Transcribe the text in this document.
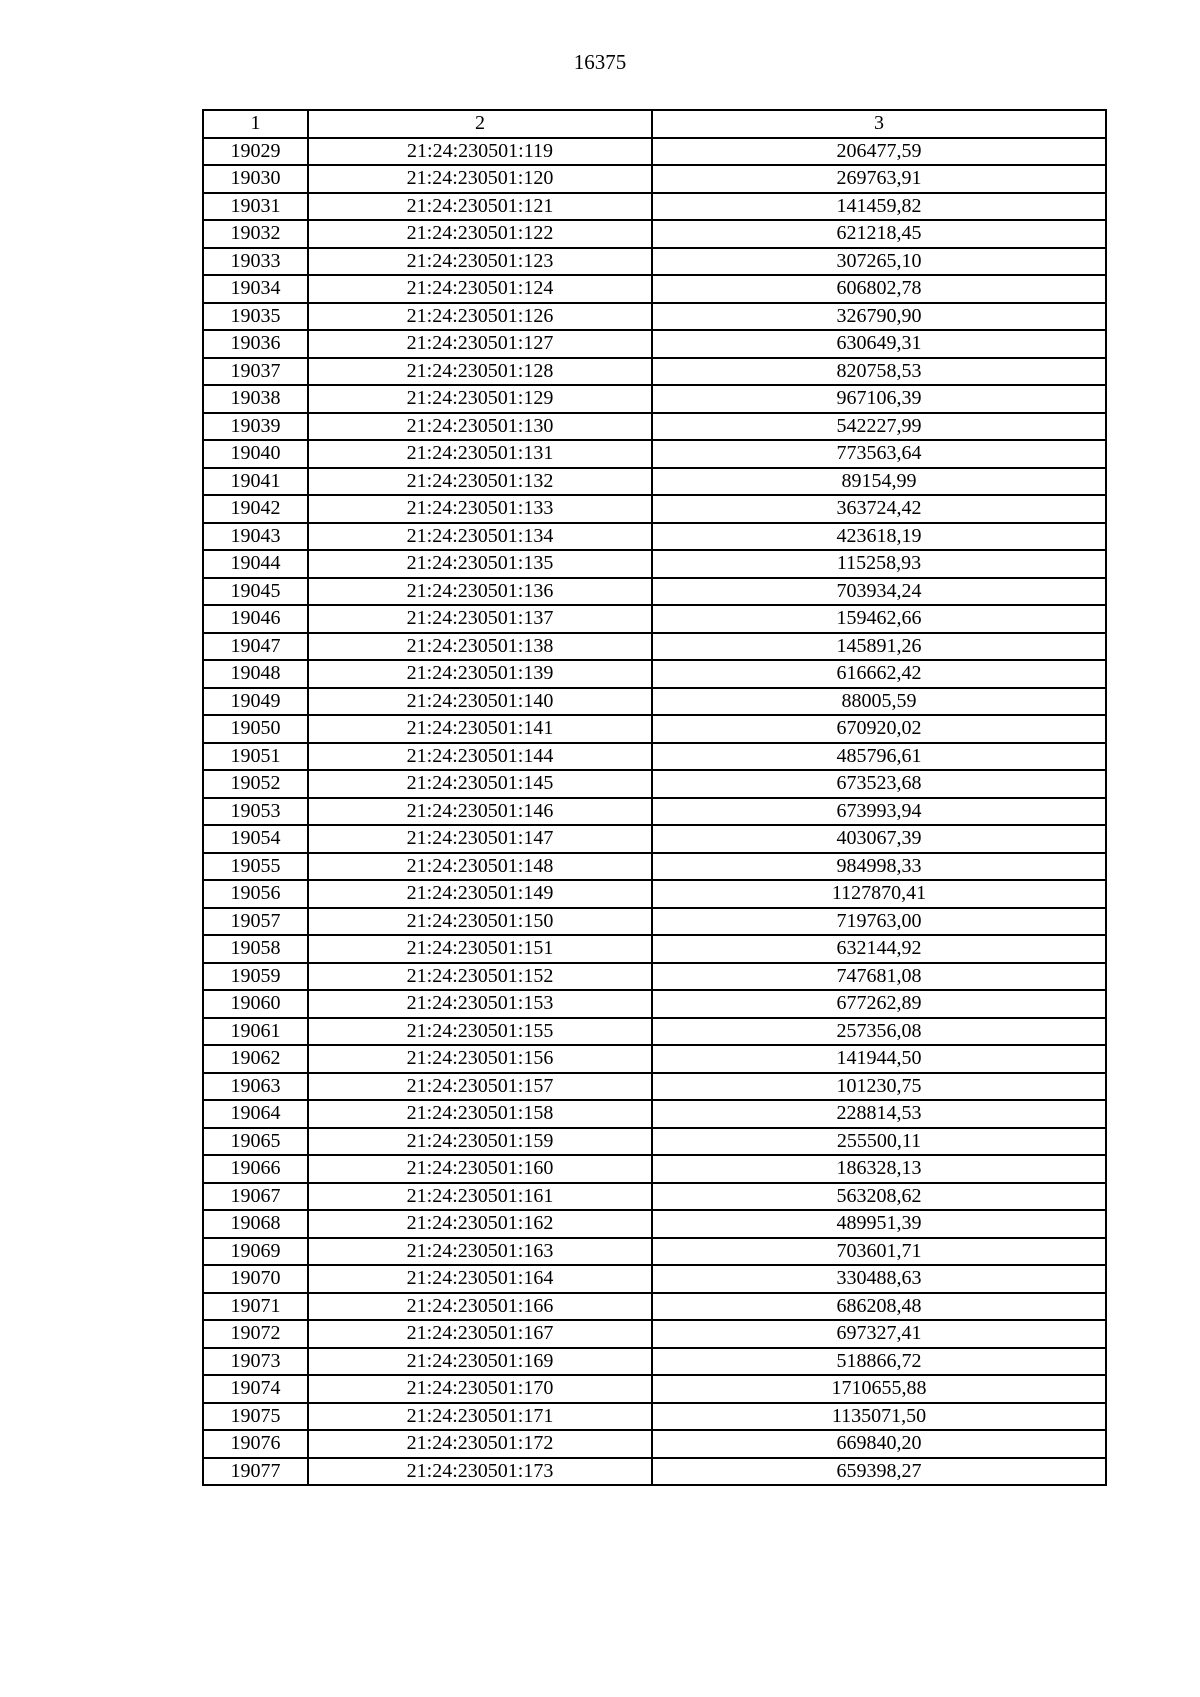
16375
1	2	3
19029	21:24:230501:119	206477,59
19030	21:24:230501:120	269763,91
19031	21:24:230501:121	141459,82
19032	21:24:230501:122	621218,45
19033	21:24:230501:123	307265,10
19034	21:24:230501:124	606802,78
19035	21:24:230501:126	326790,90
19036	21:24:230501:127	630649,31
19037	21:24:230501:128	820758,53
19038	21:24:230501:129	967106,39
19039	21:24:230501:130	542227,99
19040	21:24:230501:131	773563,64
19041	21:24:230501:132	89154,99
19042	21:24:230501:133	363724,42
19043	21:24:230501:134	423618,19
19044	21:24:230501:135	115258,93
19045	21:24:230501:136	703934,24
19046	21:24:230501:137	159462,66
19047	21:24:230501:138	145891,26
19048	21:24:230501:139	616662,42
19049	21:24:230501:140	88005,59
19050	21:24:230501:141	670920,02
19051	21:24:230501:144	485796,61
19052	21:24:230501:145	673523,68
19053	21:24:230501:146	673993,94
19054	21:24:230501:147	403067,39
19055	21:24:230501:148	984998,33
19056	21:24:230501:149	1127870,41
19057	21:24:230501:150	719763,00
19058	21:24:230501:151	632144,92
19059	21:24:230501:152	747681,08
19060	21:24:230501:153	677262,89
19061	21:24:230501:155	257356,08
19062	21:24:230501:156	141944,50
19063	21:24:230501:157	101230,75
19064	21:24:230501:158	228814,53
19065	21:24:230501:159	255500,11
19066	21:24:230501:160	186328,13
19067	21:24:230501:161	563208,62
19068	21:24:230501:162	489951,39
19069	21:24:230501:163	703601,71
19070	21:24:230501:164	330488,63
19071	21:24:230501:166	686208,48
19072	21:24:230501:167	697327,41
19073	21:24:230501:169	518866,72
19074	21:24:230501:170	1710655,88
19075	21:24:230501:171	1135071,50
19076	21:24:230501:172	669840,20
19077	21:24:230501:173	659398,27
